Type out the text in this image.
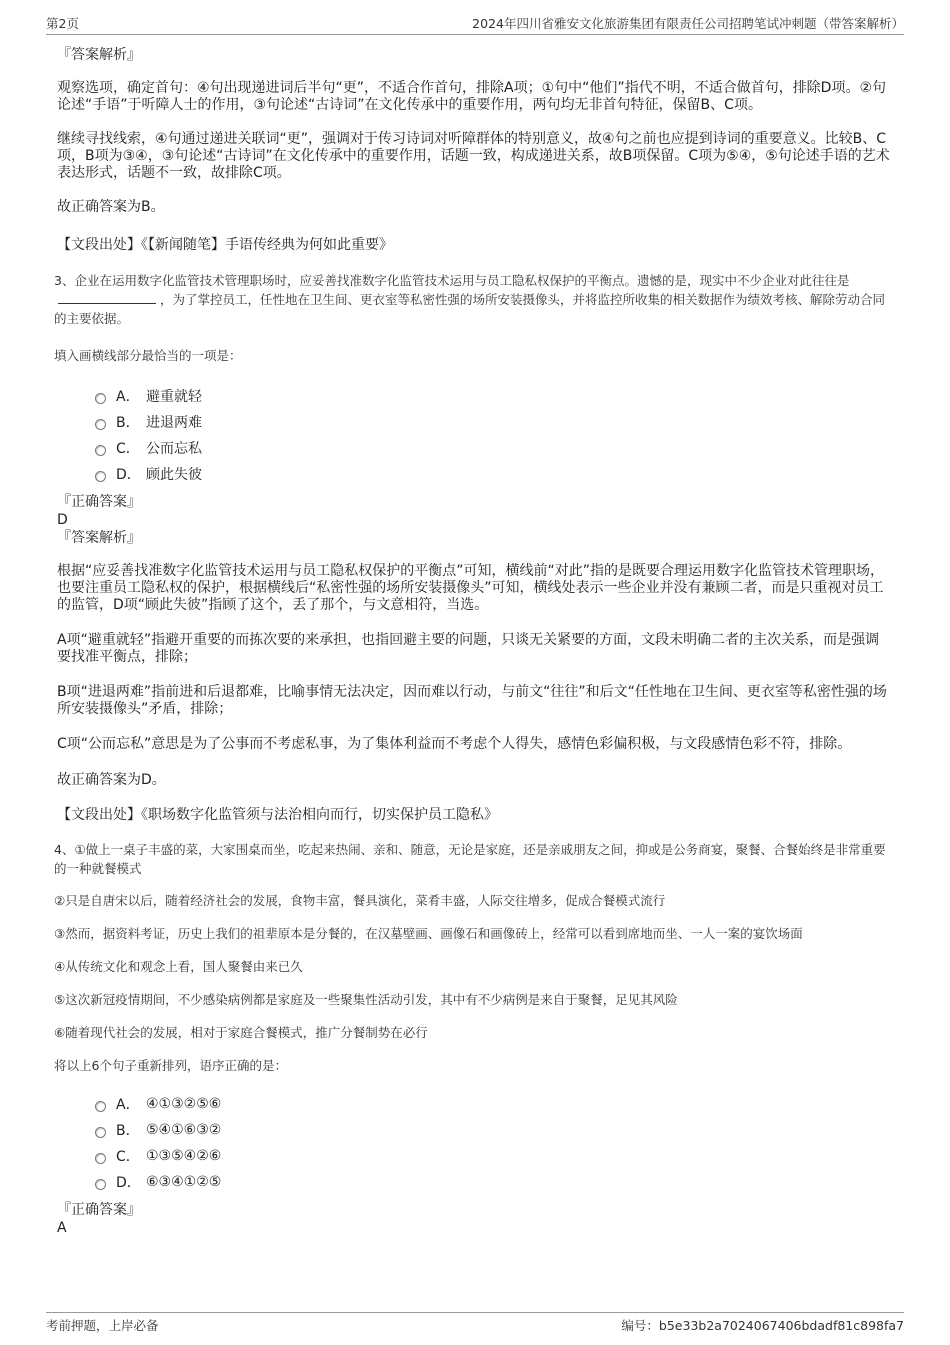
第2页	2024年四川省雅安文化旅游集团有限责任公司招聘笔试冲刺题（带答案解析）

『答案解析』

观察选项，确定首句：④句出现递进词后半句“更”，不适合作首句，排除A项；①句中“他们”指代不明，不适合做首句，排除D项。②句论述“手语”于听障人士的作用，③句论述“古诗词”在文化传承中的重要作用，两句均无非首句特征，保留B、C项。

继续寻找线索，④句通过递进关联词“更”，强调对于传习诗词对听障群体的特别意义，故④句之前也应提到诗词的重要意义。比较B、C项，B项为③④，③句论述“古诗词”在文化传承中的重要作用，话题一致，构成递进关系，故B项保留。C项为⑤④，⑤句论述手语的艺术表达形式，话题不一致，故排除C项。

故正确答案为B。

【文段出处】《【新闻随笔】手语传经典为何如此重要》

3、企业在运用数字化监管技术管理职场时，应妥善找准数字化监管技术运用与员工隐私权保护的平衡点。遗憾的是，现实中不少企业对此往往是，为了掌控员工，任性地在卫生间、更衣室等私密性强的场所安装摄像头，并将监控所收集的相关数据作为绩效考核、解除劳动合同的主要依据。

填入画横线部分最恰当的一项是：

A． 避重就轻
B． 进退两难
C． 公而忘私
D． 顾此失彼

『正确答案』

D

『答案解析』

根据“应妥善找准数字化监管技术运用与员工隐私权保护的平衡点”可知，横线前“对此”指的是既要合理运用数字化监管技术管理职场，也要注重员工隐私权的保护，根据横线后“私密性强的场所安装摄像头”可知，横线处表示一些企业并没有兼顾二者，而是只重视对员工的监管，D项“顾此失彼”指顾了这个，丢了那个，与文意相符，当选。

A项“避重就轻”指避开重要的而拣次要的来承担，也指回避主要的问题，只谈无关紧要的方面，文段未明确二者的主次关系，而是强调要找准平衡点，排除；

B项“进退两难”指前进和后退都难，比喻事情无法决定，因而难以行动，与前文“往往”和后文“任性地在卫生间、更衣室等私密性强的场所安装摄像头”矛盾，排除；

C项“公而忘私”意思是为了公事而不考虑私事，为了集体利益而不考虑个人得失，感情色彩偏积极，与文段感情色彩不符，排除。

故正确答案为D。

【文段出处】《职场数字化监管须与法治相向而行，切实保护员工隐私》

4、①做上一桌子丰盛的菜，大家围桌而坐，吃起来热闹、亲和、随意，无论是家庭，还是亲戚朋友之间，抑或是公务商宴，聚餐、合餐始终是非常重要的一种就餐模式

②只是自唐宋以后，随着经济社会的发展，食物丰富，餐具演化，菜肴丰盛，人际交往增多，促成合餐模式流行

③然而，据资料考证，历史上我们的祖辈原本是分餐的，在汉墓壁画、画像石和画像砖上，经常可以看到席地而坐、一人一案的宴饮场面

④从传统文化和观念上看，国人聚餐由来已久

⑤这次新冠疫情期间，不少感染病例都是家庭及一些聚集性活动引发，其中有不少病例是来自于聚餐，足见其风险

⑥随着现代社会的发展，相对于家庭合餐模式，推广分餐制势在必行

将以上6个句子重新排列，语序正确的是：

A． ④①③②⑤⑥
B． ⑤④①⑥③②
C． ①③⑤④②⑥
D． ⑥③④①②⑤

『正确答案』

A

考前押题，上岸必备	编号：b5e33b2a7024067406bdadf81c898fa7
